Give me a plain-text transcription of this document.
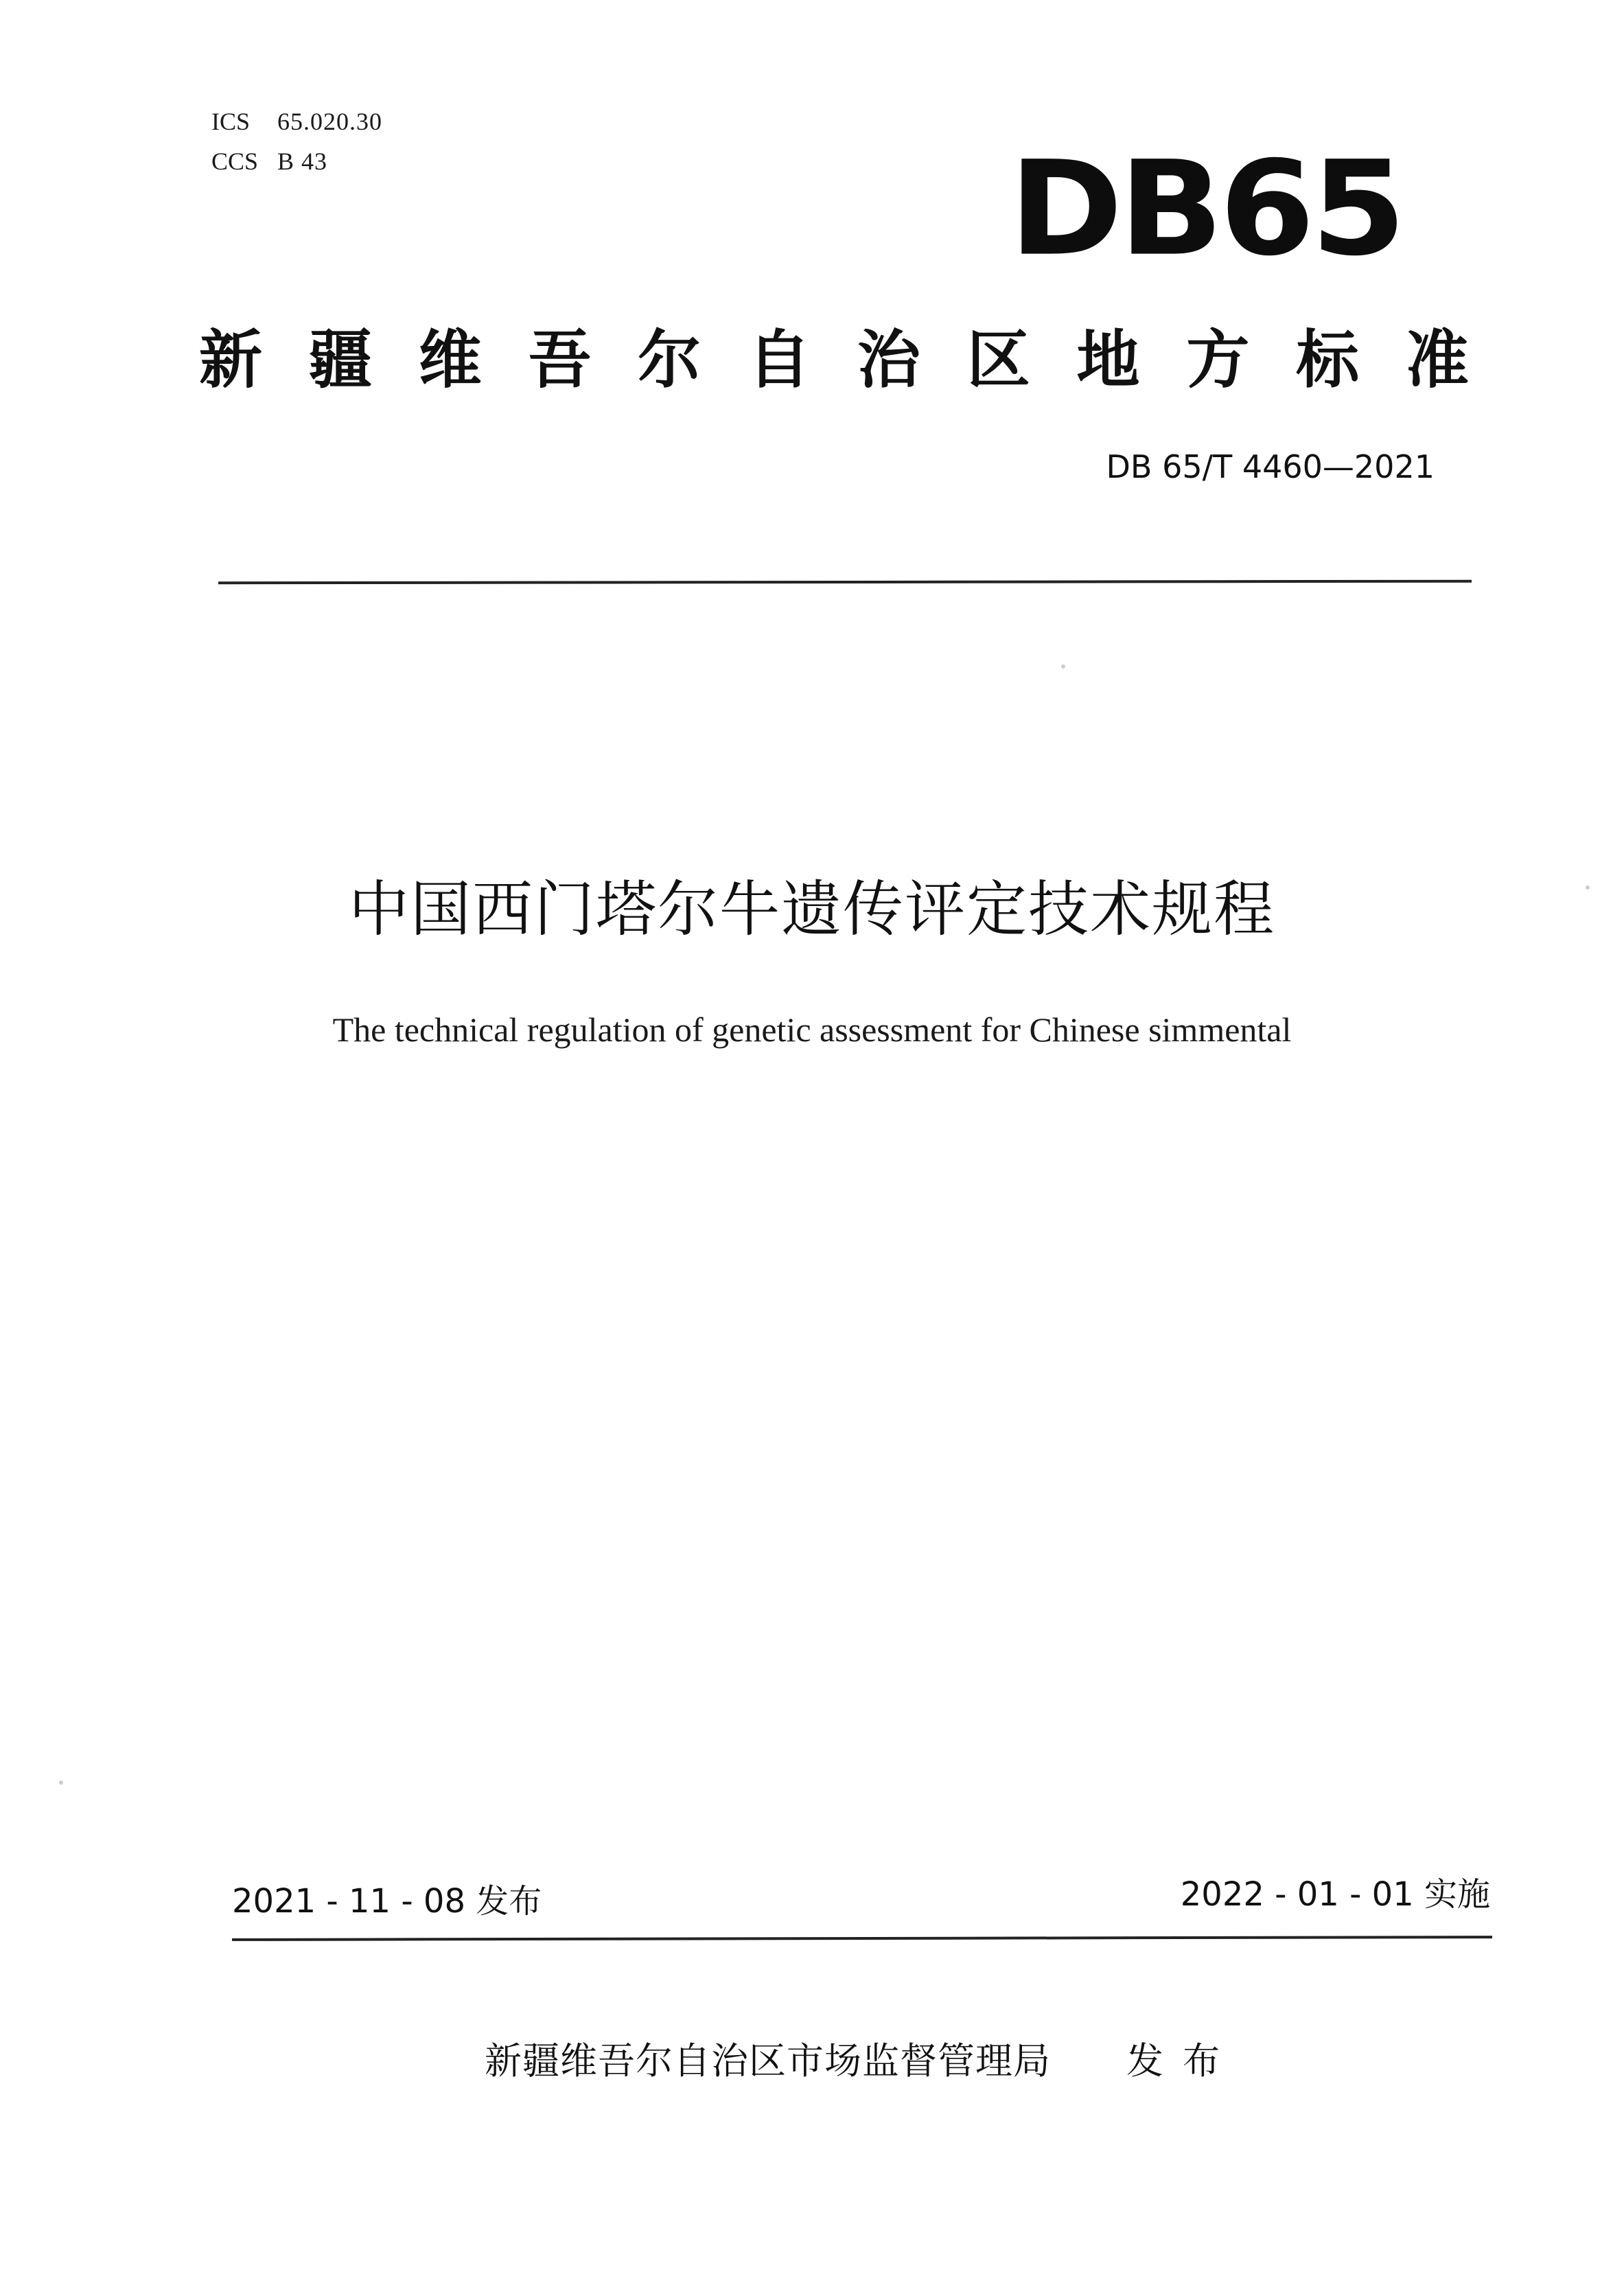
ICS	65.020.30
CCS B 43	DB65
新 疆 维 吾 尔 自 治 区 地 方 标 准
DB 65/T 4460—2021
中国西门塔尔牛遗传评定技术规程
The technical regulation of genetic assessment for Chinese simmental
2021 - 11 - 08 发布	2022 - 01 - 01 实施
新疆维吾尔自治区市场监督管理局 发布
